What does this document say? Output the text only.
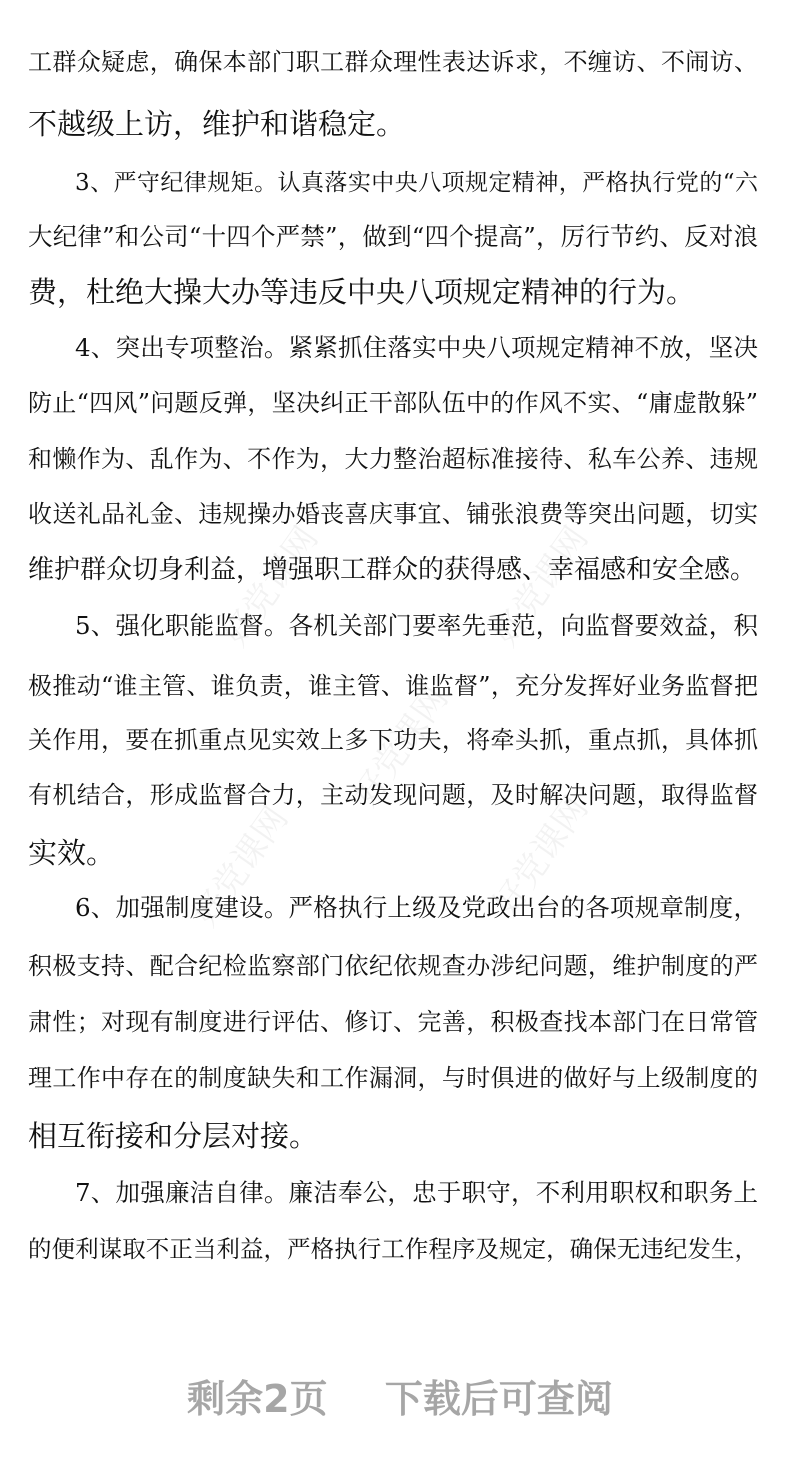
好党课网	好党课网
好党课网
好党课网	好党课网
工群众疑虑，确保本部门职工群众理性表达诉求，不缠访、不闹访、
不越级上访，维护和谐稳定。
3、严守纪律规矩。认真落实中央八项规定精神，严格执行党的“六
大纪律”和公司“十四个严禁”，做到“四个提高”，厉行节约、反对浪
费，杜绝大操大办等违反中央八项规定精神的行为。
4、突出专项整治。紧紧抓住落实中央八项规定精神不放，坚决
防止“四风”问题反弹，坚决纠正干部队伍中的作风不实、“庸虚散躲”
和懒作为、乱作为、不作为，大力整治超标准接待、私车公养、违规
收送礼品礼金、违规操办婚丧喜庆事宜、铺张浪费等突出问题，切实
维护群众切身利益，增强职工群众的获得感、幸福感和安全感。
5、强化职能监督。各机关部门要率先垂范，向监督要效益，积
极推动“谁主管、谁负责，谁主管、谁监督”，充分发挥好业务监督把
关作用，要在抓重点见实效上多下功夫，将牵头抓，重点抓，具体抓
有机结合，形成监督合力，主动发现问题，及时解决问题，取得监督
实效。
6、加强制度建设。严格执行上级及党政出台的各项规章制度，
积极支持、配合纪检监察部门依纪依规查办涉纪问题，维护制度的严
肃性；对现有制度进行评估、修订、完善，积极查找本部门在日常管
理工作中存在的制度缺失和工作漏洞，与时俱进的做好与上级制度的
相互衔接和分层对接。
7、加强廉洁自律。廉洁奉公，忠于职守，不利用职权和职务上
的便利谋取不正当利益，严格执行工作程序及规定，确保无违纪发生，
剩余2页 下载后可查阅
